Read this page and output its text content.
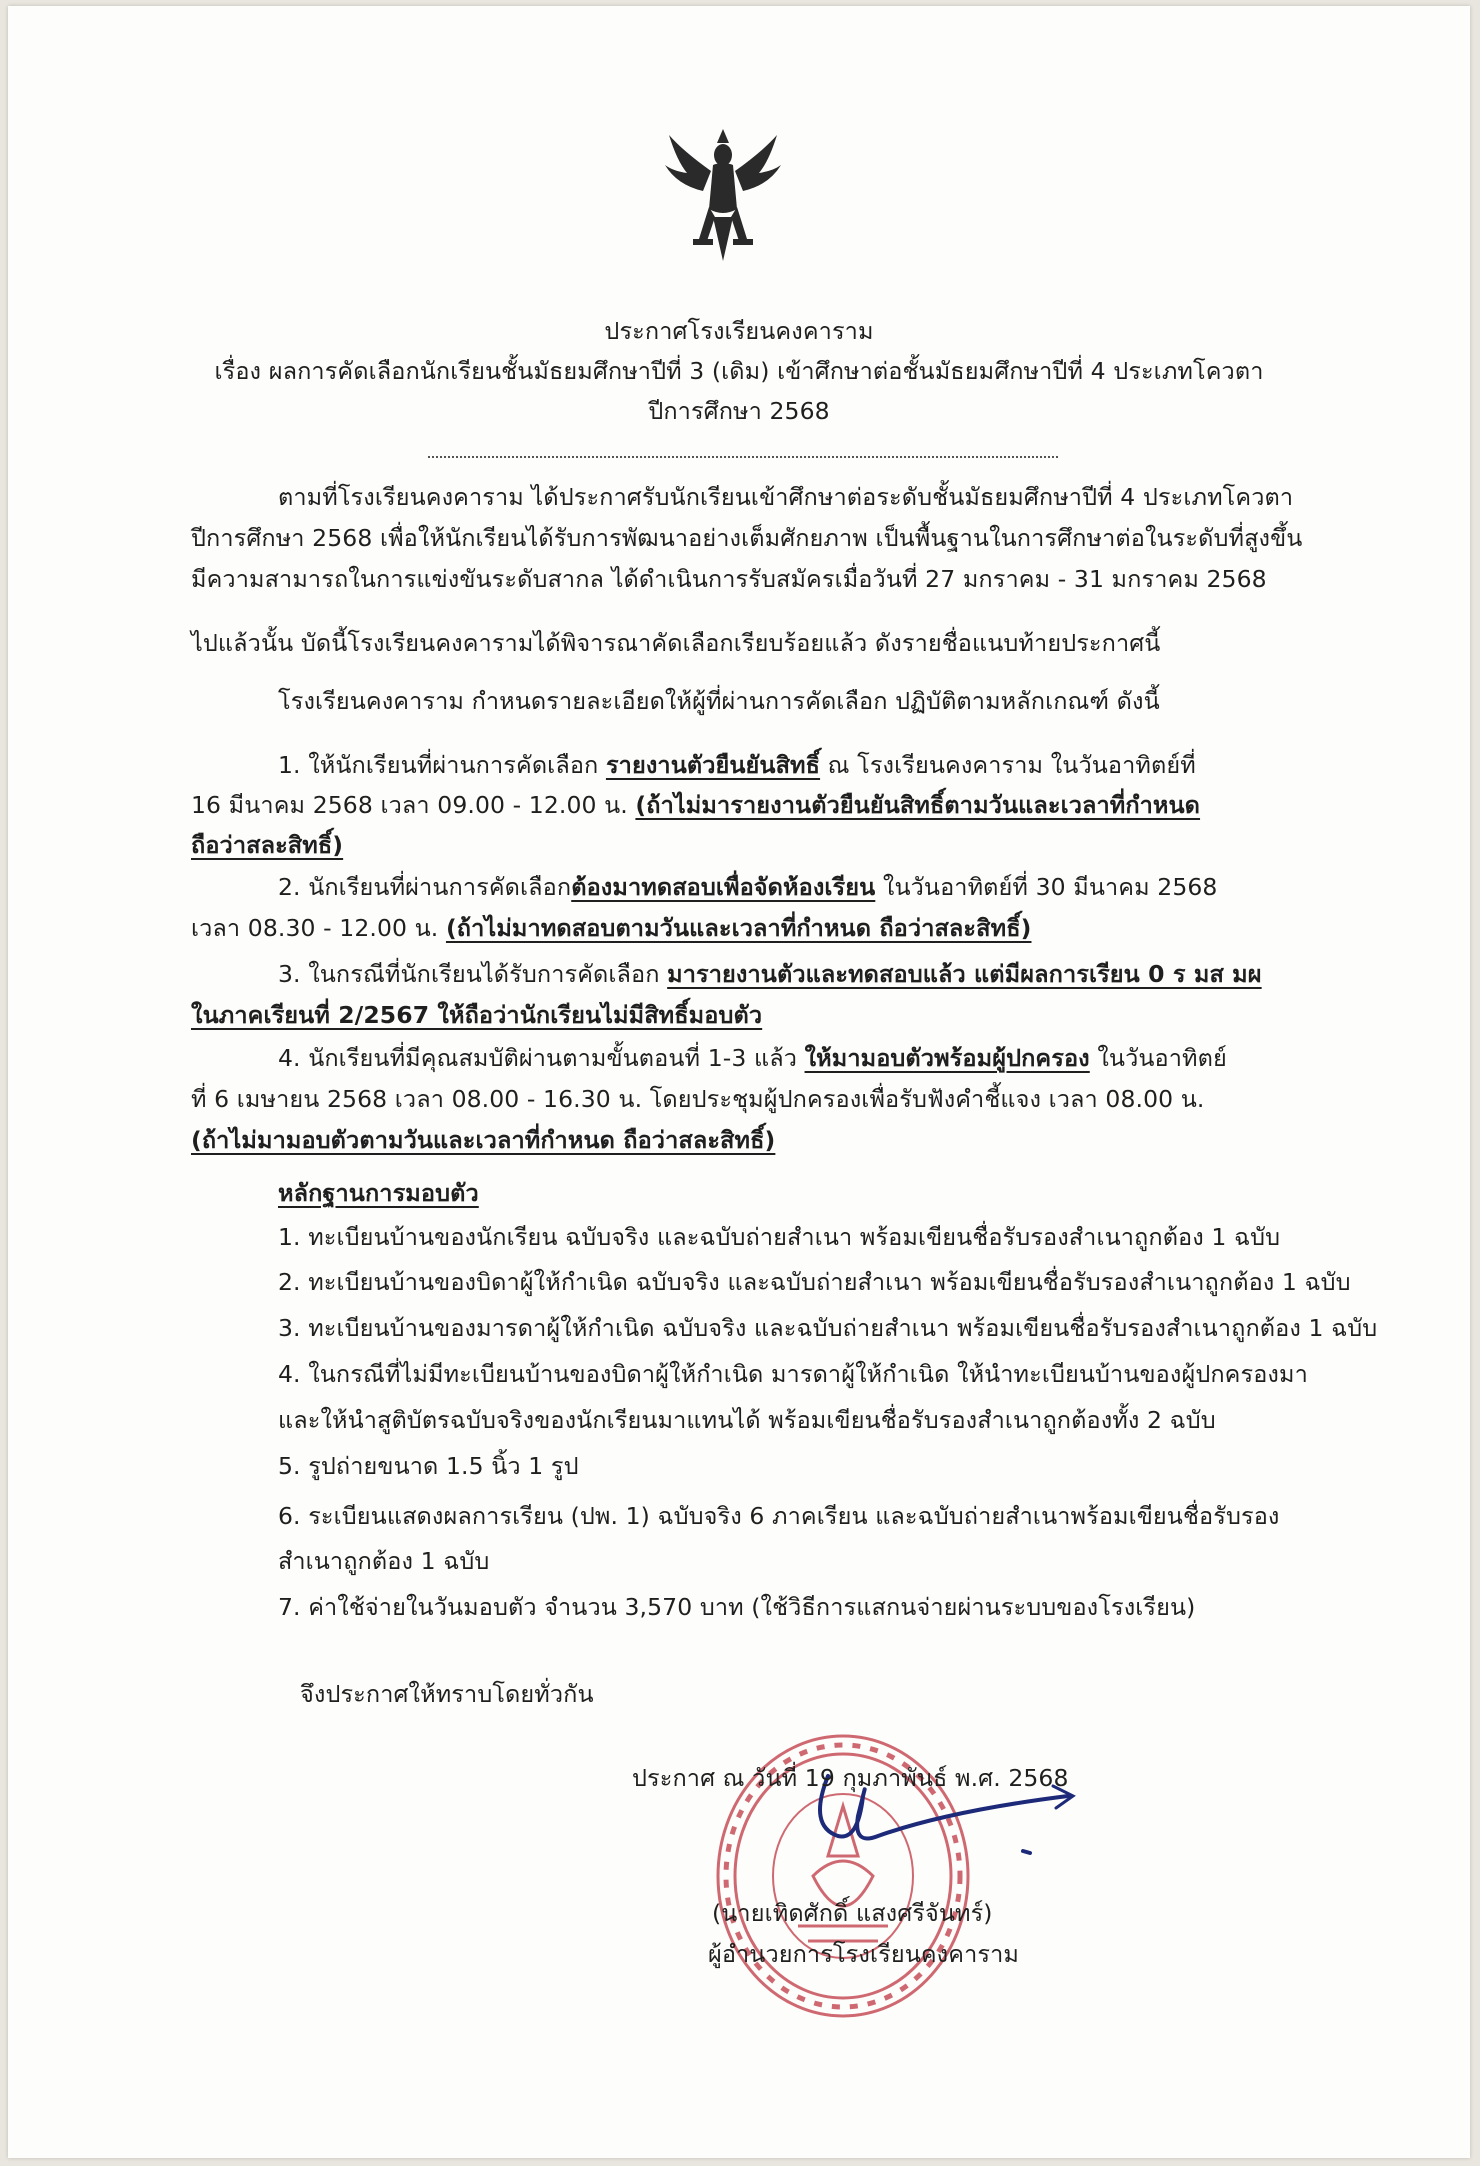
ประกาศโรงเรียนคงคาราม
เรื่อง ผลการคัดเลือกนักเรียนชั้นมัธยมศึกษาปีที่ 3 (เดิม) เข้าศึกษาต่อชั้นมัธยมศึกษาปีที่ 4 ประเภทโควตา
ปีการศึกษา 2568
ตามที่โรงเรียนคงคาราม ได้ประกาศรับนักเรียนเข้าศึกษาต่อระดับชั้นมัธยมศึกษาปีที่ 4 ประเภทโควตา
ปีการศึกษา 2568 เพื่อให้นักเรียนได้รับการพัฒนาอย่างเต็มศักยภาพ เป็นพื้นฐานในการศึกษาต่อในระดับที่สูงขึ้น
มีความสามารถในการแข่งขันระดับสากล ได้ดำเนินการรับสมัครเมื่อวันที่ 27 มกราคม - 31 มกราคม 2568
ไปแล้วนั้น บัดนี้โรงเรียนคงคารามได้พิจารณาคัดเลือกเรียบร้อยแล้ว ดังรายชื่อแนบท้ายประกาศนี้
โรงเรียนคงคาราม กำหนดรายละเอียดให้ผู้ที่ผ่านการคัดเลือก ปฏิบัติตามหลักเกณฑ์ ดังนี้
1. ให้นักเรียนที่ผ่านการคัดเลือก รายงานตัวยืนยันสิทธิ์ ณ โรงเรียนคงคาราม ในวันอาทิตย์ที่
16 มีนาคม 2568 เวลา 09.00 - 12.00 น. (ถ้าไม่มารายงานตัวยืนยันสิทธิ์ตามวันและเวลาที่กำหนด
ถือว่าสละสิทธิ์)
2. นักเรียนที่ผ่านการคัดเลือกต้องมาทดสอบเพื่อจัดห้องเรียน ในวันอาทิตย์ที่ 30 มีนาคม 2568
เวลา 08.30 - 12.00 น. (ถ้าไม่มาทดสอบตามวันและเวลาที่กำหนด ถือว่าสละสิทธิ์)
3. ในกรณีที่นักเรียนได้รับการคัดเลือก มารายงานตัวและทดสอบแล้ว แต่มีผลการเรียน 0 ร มส มผ
ในภาคเรียนที่ 2/2567 ให้ถือว่านักเรียนไม่มีสิทธิ์มอบตัว
4. นักเรียนที่มีคุณสมบัติผ่านตามขั้นตอนที่ 1-3 แล้ว ให้มามอบตัวพร้อมผู้ปกครอง ในวันอาทิตย์
ที่ 6 เมษายน 2568 เวลา 08.00 - 16.30 น. โดยประชุมผู้ปกครองเพื่อรับฟังคำชี้แจง เวลา 08.00 น.
(ถ้าไม่มามอบตัวตามวันและเวลาที่กำหนด ถือว่าสละสิทธิ์)
หลักฐานการมอบตัว
1. ทะเบียนบ้านของนักเรียน ฉบับจริง และฉบับถ่ายสำเนา พร้อมเขียนชื่อรับรองสำเนาถูกต้อง 1 ฉบับ
2. ทะเบียนบ้านของบิดาผู้ให้กำเนิด ฉบับจริง และฉบับถ่ายสำเนา พร้อมเขียนชื่อรับรองสำเนาถูกต้อง 1 ฉบับ
3. ทะเบียนบ้านของมารดาผู้ให้กำเนิด ฉบับจริง และฉบับถ่ายสำเนา พร้อมเขียนชื่อรับรองสำเนาถูกต้อง 1 ฉบับ
4. ในกรณีที่ไม่มีทะเบียนบ้านของบิดาผู้ให้กำเนิด มารดาผู้ให้กำเนิด ให้นำทะเบียนบ้านของผู้ปกครองมา
และให้นำสูติบัตรฉบับจริงของนักเรียนมาแทนได้ พร้อมเขียนชื่อรับรองสำเนาถูกต้องทั้ง 2 ฉบับ
5. รูปถ่ายขนาด 1.5 นิ้ว 1 รูป
6. ระเบียนแสดงผลการเรียน (ปพ. 1) ฉบับจริง 6 ภาคเรียน และฉบับถ่ายสำเนาพร้อมเขียนชื่อรับรอง
สำเนาถูกต้อง 1 ฉบับ
7. ค่าใช้จ่ายในวันมอบตัว จำนวน 3,570 บาท (ใช้วิธีการแสกนจ่ายผ่านระบบของโรงเรียน)
จึงประกาศให้ทราบโดยทั่วกัน
ประกาศ ณ วันที่ 19 กุมภาพันธ์ พ.ศ. 2568
(นายเทิดศักดิ์ แสงศรีจันทร์)
ผู้อำนวยการโรงเรียนคงคาราม
